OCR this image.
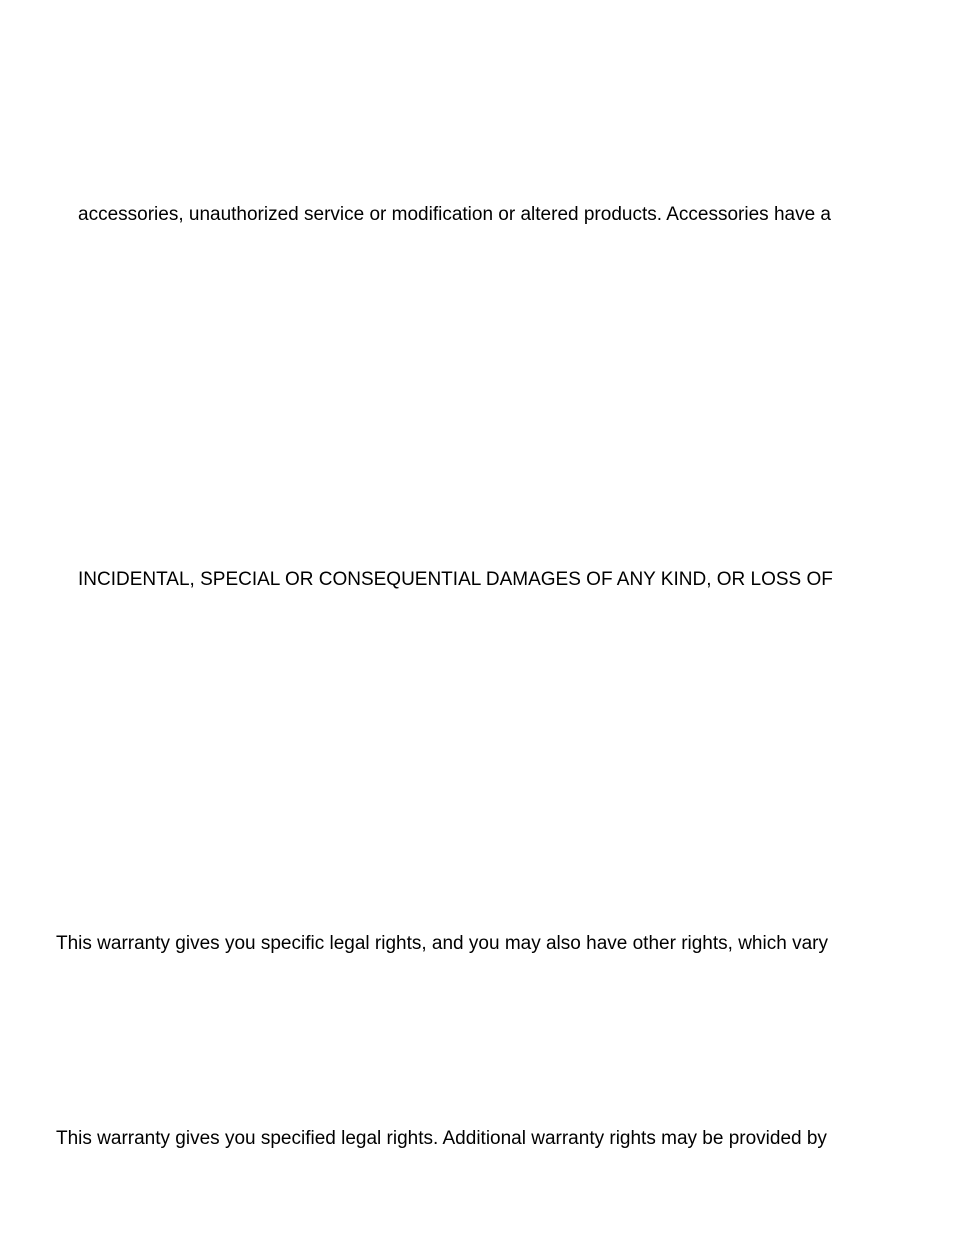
accessories, unauthorized service or modification or altered products. Accessories have a

INCIDENTAL, SPECIAL OR CONSEQUENTIAL DAMAGES OF ANY KIND, OR LOSS OF

This warranty gives you specific legal rights, and you may also have other rights, which vary

This warranty gives you specified legal rights. Additional warranty rights may be provided by
